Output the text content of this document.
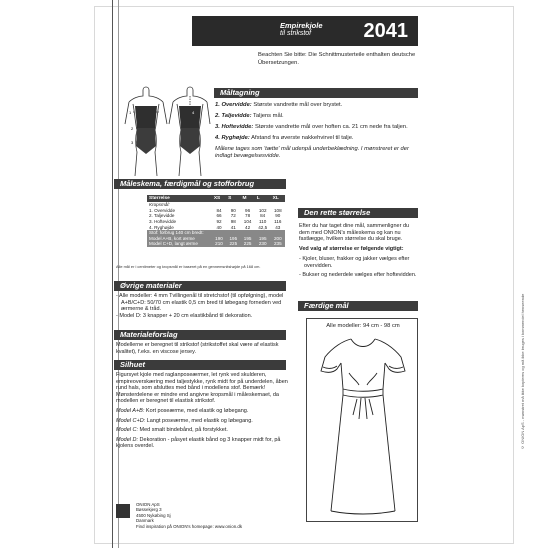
© ONION ApS - mønstret må ikke kopieres og må ikke bruges i kommerciel henseende
Empirekjole
til strikstof	2041
Beachten Sie bitte: Die Schnittmusterteile enthalten deutsche Übersetzungen.
Måltagning
1
2
3
4
1. Overvidde: Største vandrette mål over brystet.
2. Taljevidde: Taljens mål.
3. Hoftevidde: Største vandrette mål over hoften ca. 21 cm nede fra taljen.
4. Ryghøjde: Afstand fra øverste nakkehvirvel til talje.
Målene tages som 'tætte' mål udenpå underbeklædning. I mønstreret er der indlagt bevægelsesvidde.
Måleskema, færdigmål og stofforbrug
Størrelse	XS	S	M	L	XL
Kropsmål:					
1. Overvidde	84	90	96	102	108
2. Taljevidde	66	72	78	84	90
3. Hoftevidde	92	98	104	110	116
4. Ryghøjde	40	41	42	42,5	43
Stof: forbrug 140 cm bredt:					
Model A+B, kort ærme	190	195	195	195	200
Model C+D, langt ærme	210	225	225	230	235
Alle mål er i centimeter og kropsmål er baseret på en gennemsnitshøjde på 168 cm.
Den rette størrelse
Efter du har taget dine mål, sammenligner du dem med ONION's måleskema og kan nu fastlægge, hvilken størrelse du skal bruge.
Ved valg af størrelse er følgende vigtigt:
- Kjoler, bluser, frakker og jakker vælges efter overvidden.
- Bukser og nederdele vælges efter hoftevidden.
Øvrige materialer
- Alle modeller: 4 mm Tvillingenål til stretchstof (til opfølgning), model A+B/C+D: 50/70 cm elastik 0,5 cm bred til løbegang forneden ved ærmerne & tråd.
- Model D: 3 knapper + 20 cm elastikbånd til dekoration.
Materialeforslag
Modellerne er beregnet til strikstof (strikstoffet skal være af elastisk kvalitet), f.eks. en viscose jersey.
Silhuet

Figursyet kjole med raglanposeærmer, let rynk ved skulderen, empireoverskæring med taljestykke, rynk midt for på underdelen, åben rund hals, som afsluttes med bånd i modellens stof. Bemærk! Mønsterdelene er mindre end angivne kropsmål i måleskemaet, da modellen er beregnet til elastisk strikstof.

Model A+B: Kort poseærme, med elastik og løbegang.

Model C+D: Langt poseærme, med elastik og løbegang.

Model C: Med smalt bindebånd, på forstykket.

Model D: Dekoration - påsyet elastik bånd og 3 knapper midt for, på kjolens overdel.

Færdige mål
Alle modeller: 94 cm - 98 cm
ONION ApS
Bøssekjerg 3
4500 Nykøbing Sj
Danmark
Find inspiration på ONION's homepage: www.onion.dk
